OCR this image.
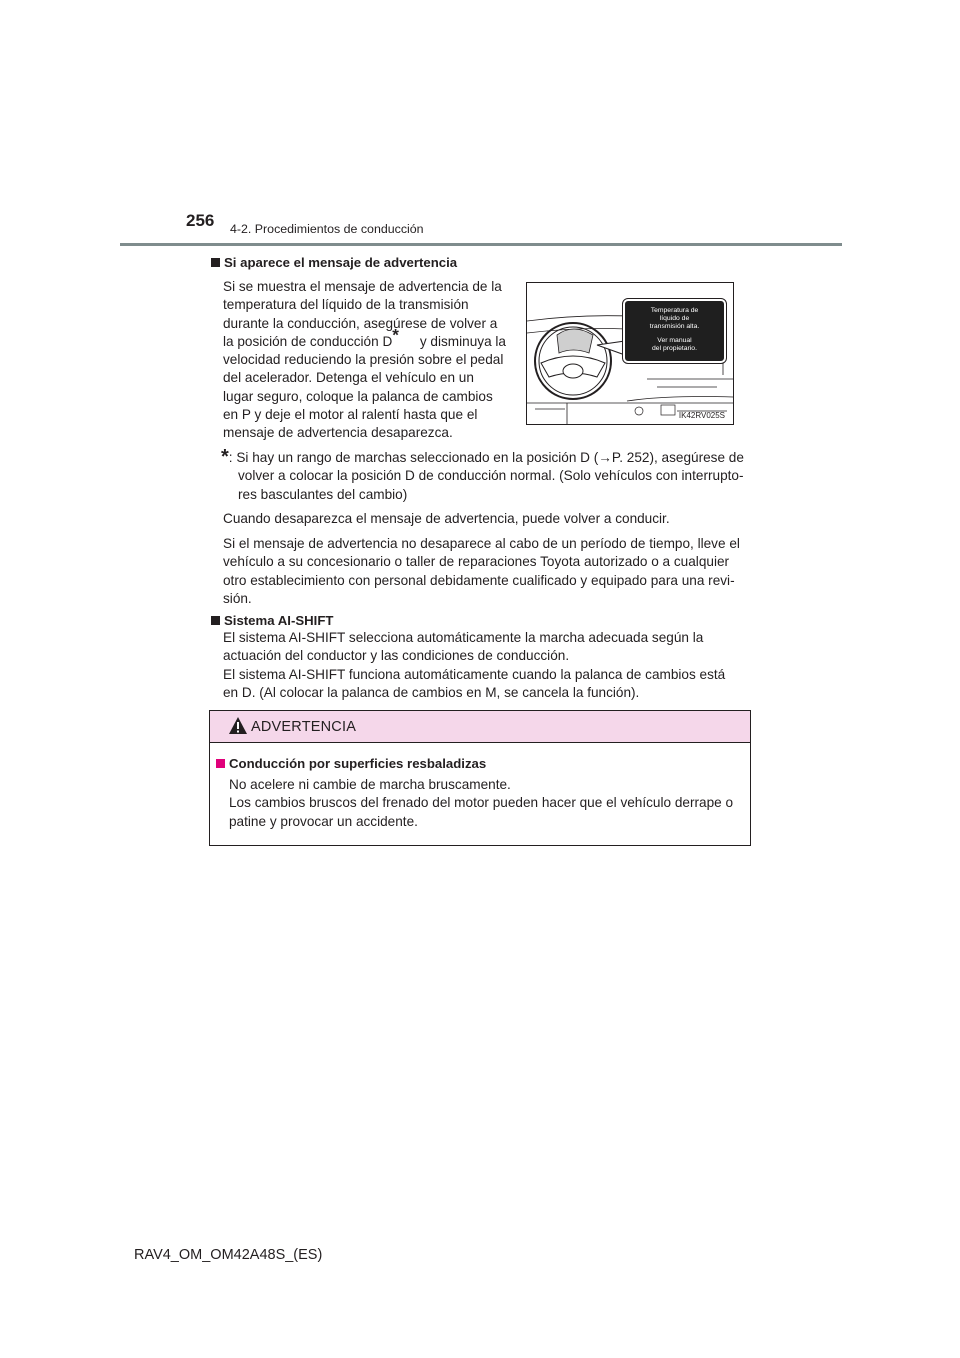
256 4-2. Procedimientos de conducción
Si aparece el mensaje de advertencia
Si se muestra el mensaje de advertencia de la
temperatura del líquido de la transmisión
durante la conducción, asegúrese de volver a
la posición de conducción D* y disminuya la
velocidad reduciendo la presión sobre el pedal
del acelerador. Detenga el vehículo en un
lugar seguro, coloque la palanca de cambios
en P y deje el motor al ralentí hasta que el
mensaje de advertencia desaparezca.
Temperatura de
líquido de
transmisión alta.
Ver manual
del propietario.
IK42RV025S
*: Si hay un rango de marchas seleccionado en la posición D (→P. 252), asegúrese de
volver a colocar la posición D de conducción normal. (Solo vehículos con interrupto-
res basculantes del cambio)
Cuando desaparezca el mensaje de advertencia, puede volver a conducir.
Si el mensaje de advertencia no desaparece al cabo de un período de tiempo, lleve el
vehículo a su concesionario o taller de reparaciones Toyota autorizado o a cualquier
otro establecimiento con personal debidamente cualificado y equipado para una revi-
sión.
Sistema AI-SHIFT
El sistema AI-SHIFT selecciona automáticamente la marcha adecuada según la
actuación del conductor y las condiciones de conducción.
El sistema AI-SHIFT funciona automáticamente cuando la palanca de cambios está
en D. (Al colocar la palanca de cambios en M, se cancela la función).
ADVERTENCIA
Conducción por superficies resbaladizas
No acelere ni cambie de marcha bruscamente.
Los cambios bruscos del frenado del motor pueden hacer que el vehículo derrape o
patine y provocar un accidente.
RAV4_OM_OM42A48S_(ES)
